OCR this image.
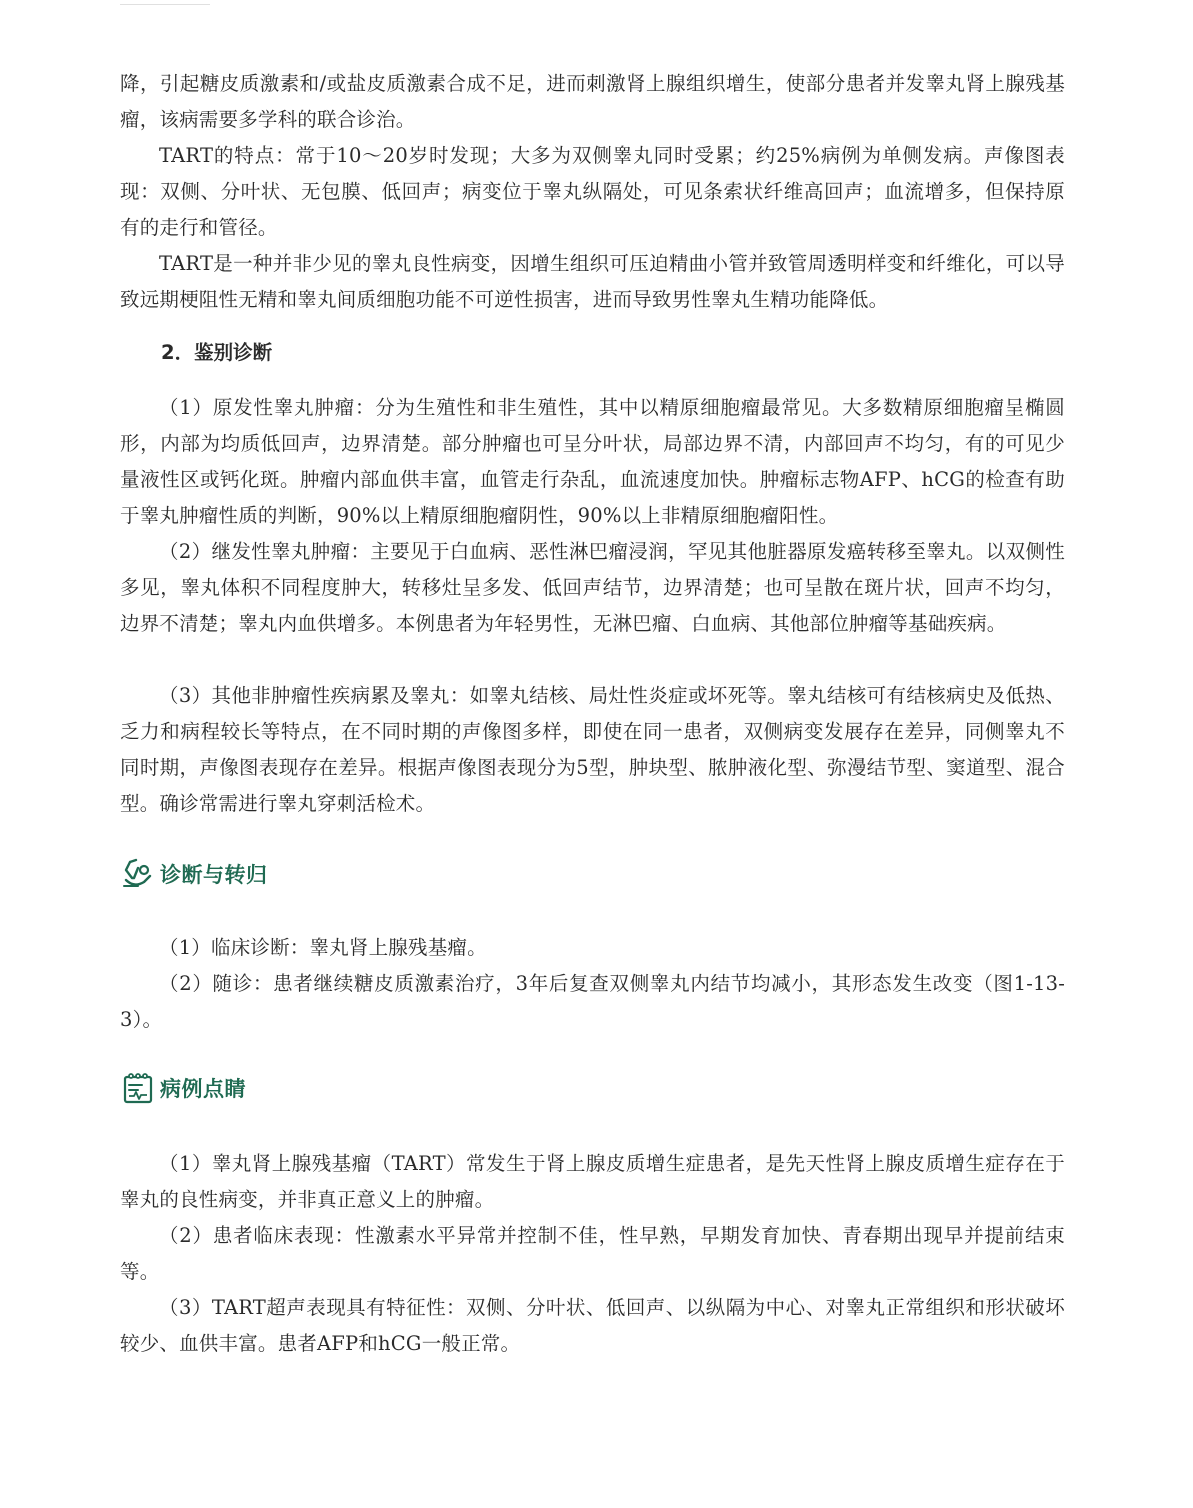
降，引起糖皮质激素和/或盐皮质激素合成不足，进而刺激肾上腺组织增生，使部分患者并发睾丸肾上腺残基瘤，该病需要多学科的联合诊治。

TART的特点：常于10～20岁时发现；大多为双侧睾丸同时受累；约25%病例为单侧发病。声像图表现：双侧、分叶状、无包膜、低回声；病变位于睾丸纵隔处，可见条索状纤维高回声；血流增多，但保持原有的走行和管径。

TART是一种并非少见的睾丸良性病变，因增生组织可压迫精曲小管并致管周透明样变和纤维化，可以导致远期梗阻性无精和睾丸间质细胞功能不可逆性损害，进而导致男性睾丸生精功能降低。

2．鉴别诊断

（1）原发性睾丸肿瘤：分为生殖性和非生殖性，其中以精原细胞瘤最常见。大多数精原细胞瘤呈椭圆形，内部为均质低回声，边界清楚。部分肿瘤也可呈分叶状，局部边界不清，内部回声不均匀，有的可见少量液性区或钙化斑。肿瘤内部血供丰富，血管走行杂乱，血流速度加快。肿瘤标志物AFP、hCG的检查有助于睾丸肿瘤性质的判断，90%以上精原细胞瘤阴性，90%以上非精原细胞瘤阳性。

（2）继发性睾丸肿瘤：主要见于白血病、恶性淋巴瘤浸润，罕见其他脏器原发癌转移至睾丸。以双侧性多见，睾丸体积不同程度肿大，转移灶呈多发、低回声结节，边界清楚；也可呈散在斑片状，回声不均匀，边界不清楚；睾丸内血供增多。本例患者为年轻男性，无淋巴瘤、白血病、其他部位肿瘤等基础疾病。

（3）其他非肿瘤性疾病累及睾丸：如睾丸结核、局灶性炎症或坏死等。睾丸结核可有结核病史及低热、乏力和病程较长等特点，在不同时期的声像图多样，即使在同一患者，双侧病变发展存在差异，同侧睾丸不同时期，声像图表现存在差异。根据声像图表现分为5型，肿块型、脓肿液化型、弥漫结节型、窦道型、混合型。确诊常需进行睾丸穿刺活检术。

诊断与转归

（1）临床诊断：睾丸肾上腺残基瘤。

（2）随诊：患者继续糖皮质激素治疗，3年后复查双侧睾丸内结节均减小，其形态发生改变（图1-13-3）。

病例点睛

（1）睾丸肾上腺残基瘤（TART）常发生于肾上腺皮质增生症患者，是先天性肾上腺皮质增生症存在于睾丸的良性病变，并非真正意义上的肿瘤。

（2）患者临床表现：性激素水平异常并控制不佳，性早熟，早期发育加快、青春期出现早并提前结束等。

（3）TART超声表现具有特征性：双侧、分叶状、低回声、以纵隔为中心、对睾丸正常组织和形状破坏较少、血供丰富。患者AFP和hCG一般正常。
